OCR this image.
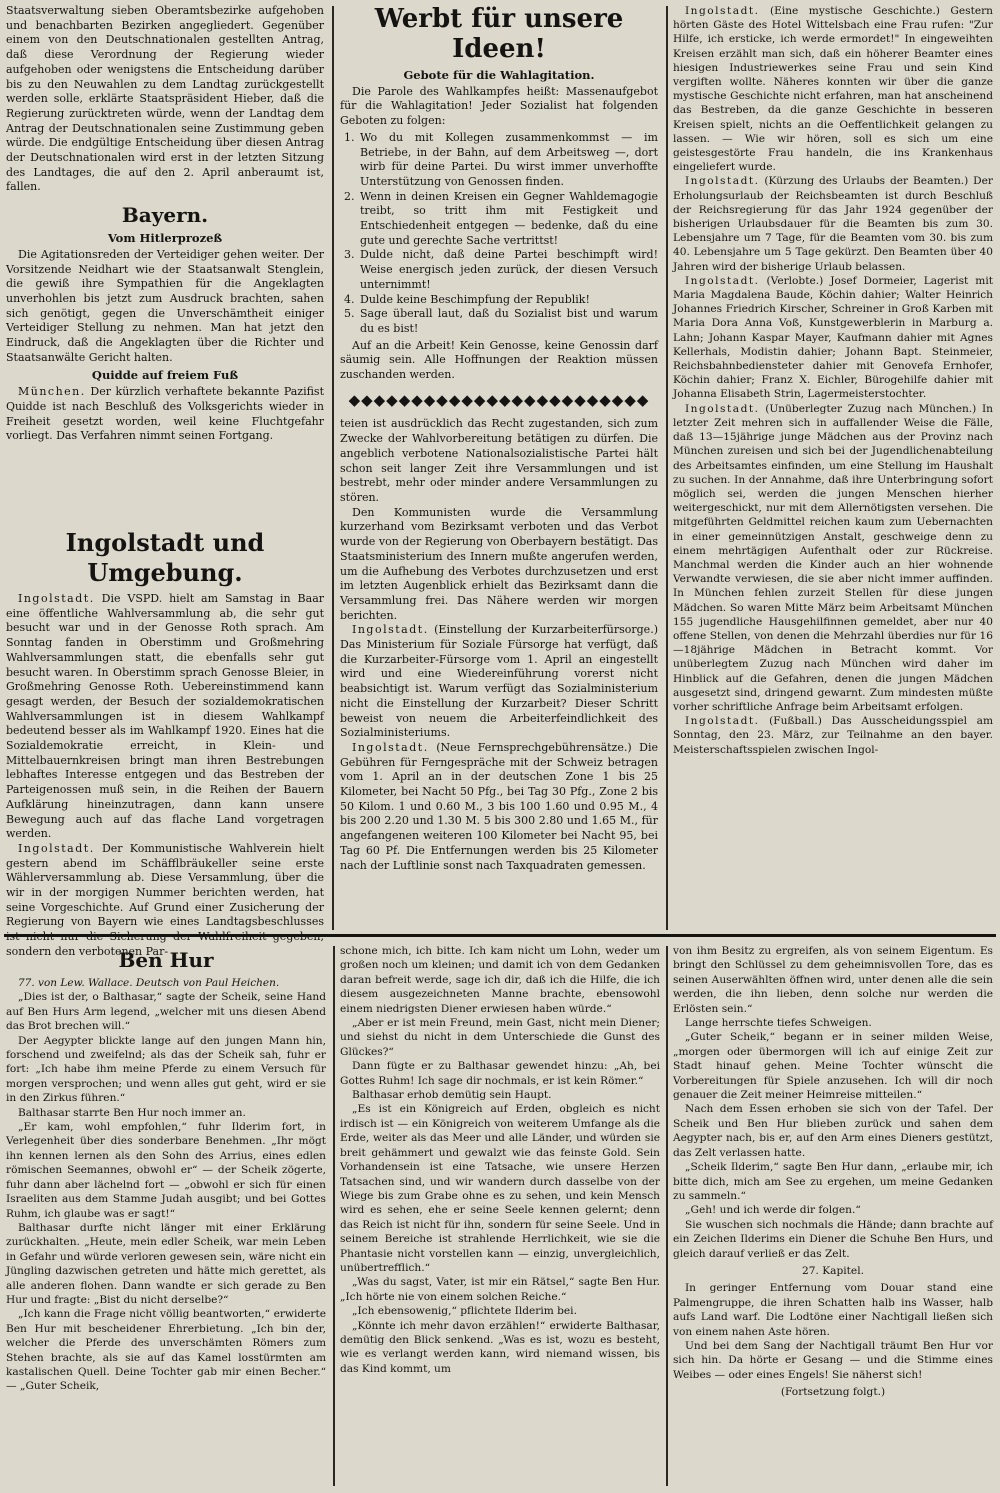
Staatsverwaltung sieben Oberamtsbezirke aufgehoben und benachbarten Bezirken angegliedert. Gegenüber einem von den Deutschnationalen gestellten Antrag, daß diese Verordnung der Regierung wieder aufgehoben oder wenigstens die Entscheidung darüber bis zu den Neuwahlen zu dem Landtag zurückgestellt werden solle, erklärte Staatspräsident Hieber, daß die Regierung zurücktreten würde, wenn der Landtag dem Antrag der Deutschnationalen seine Zustimmung geben würde. Die endgültige Entscheidung über diesen Antrag der Deutschnationalen wird erst in der letzten Sitzung des Landtages, die auf den 2. April anberaumt ist, fallen.

Bayern.
Vom Hitlerprozeß

Die Agitationsreden der Verteidiger gehen weiter. Der Vorsitzende Neidhart wie der Staatsanwalt Stenglein, die gewiß ihre Sympathien für die Angeklagten unverhohlen bis jetzt zum Ausdruck brachten, sahen sich genötigt, gegen die Unverschämtheit einiger Verteidiger Stellung zu nehmen. Man hat jetzt den Eindruck, daß die Angeklagten über die Richter und Staatsanwälte Gericht halten.

Quidde auf freiem Fuß

München. Der kürzlich verhaftete bekannte Pazifist Quidde ist nach Beschluß des Volksgerichts wieder in Freiheit gesetzt worden, weil keine Fluchtgefahr vorliegt. Das Verfahren nimmt seinen Fortgang.

Ingolstadt und Umgebung.

Ingolstadt. Die VSPD. hielt am Samstag in Baar eine öffentliche Wahlversammlung ab, die sehr gut besucht war und in der Genosse Roth sprach. Am Sonntag fanden in Oberstimm und Großmehring Wahlversammlungen statt, die ebenfalls sehr gut besucht waren. In Oberstimm sprach Genosse Bleier, in Großmehring Genosse Roth. Uebereinstimmend kann gesagt werden, der Besuch der sozialdemokratischen Wahlversammlungen ist in diesem Wahlkampf bedeutend besser als im Wahlkampf 1920. Eines hat die Sozialdemokratie erreicht, in Klein- und Mittelbauernkreisen bringt man ihren Bestrebungen lebhaftes Interesse entgegen und das Bestreben der Parteigenossen muß sein, in die Reihen der Bauern Aufklärung hineinzutragen, dann kann unsere Bewegung auch auf das flache Land vorgetragen werden.

Ingolstadt. Der Kommunistische Wahlverein hielt gestern abend im Schäfflbräukeller seine erste Wählerversammlung ab. Diese Versammlung, über die wir in der morgigen Nummer berichten werden, hat seine Vorgeschichte. Auf Grund einer Zusicherung der Regierung von Bayern wie eines Landtagsbeschlusses ist nicht nur die Sicherung der Wahlfreiheit gegeben, sondern den verbotenen Par-

Werbt für unsere Ideen!
Gebote für die Wahlagitation.

Die Parole des Wahlkampfes heißt: Massenaufgebot für die Wahlagitation! Jeder Sozialist hat folgenden Geboten zu folgen:

1. Wo du mit Kollegen zusammenkommst — im Betriebe, in der Bahn, auf dem Arbeitsweg —, dort wirb für deine Partei. Du wirst immer unverhoffte Unterstützung von Genossen finden.
2. Wenn in deinen Kreisen ein Gegner Wahldemagogie treibt, so tritt ihm mit Festigkeit und Entschiedenheit entgegen — bedenke, daß du eine gute und gerechte Sache vertrittst!
3. Dulde nicht, daß deine Partei beschimpft wird! Weise energisch jeden zurück, der diesen Versuch unternimmt!
4. Dulde keine Beschimpfung der Republik!
5. Sage überall laut, daß du Sozialist bist und warum du es bist!

Auf an die Arbeit! Kein Genosse, keine Genossin darf säumig sein. Alle Hoffnungen der Reaktion müssen zuschanden werden.

◆◆◆◆◆◆◆◆◆◆◆◆◆◆◆◆◆◆◆◆◆◆◆◆

teien ist ausdrücklich das Recht zugestanden, sich zum Zwecke der Wahlvorbereitung betätigen zu dürfen. Die angeblich verbotene Nationalsozialistische Partei hält schon seit langer Zeit ihre Versammlungen und ist bestrebt, mehr oder minder andere Versammlungen zu stören.

Den Kommunisten wurde die Versammlung kurzerhand vom Bezirksamt verboten und das Verbot wurde von der Regierung von Oberbayern bestätigt. Das Staatsministerium des Innern mußte angerufen werden, um die Aufhebung des Verbotes durchzusetzen und erst im letzten Augenblick erhielt das Bezirksamt dann die Versammlung frei. Das Nähere werden wir morgen berichten.

Ingolstadt. (Einstellung der Kurzarbeiterfürsorge.) Das Ministerium für Soziale Fürsorge hat verfügt, daß die Kurzarbeiter-Fürsorge vom 1. April an eingestellt wird und eine Wiedereinführung vorerst nicht beabsichtigt ist. Warum verfügt das Sozialministerium nicht die Einstellung der Kurzarbeit? Dieser Schritt beweist von neuem die Arbeiterfeindlichkeit des Sozialministeriums.

Ingolstadt. (Neue Fernsprechgebührensätze.) Die Gebühren für Ferngespräche mit der Schweiz betragen vom 1. April an in der deutschen Zone 1 bis 25 Kilometer, bei Nacht 50 Pfg., bei Tag 30 Pfg., Zone 2 bis 50 Kilom. 1 und 0.60 M., 3 bis 100 1.60 und 0.95 M., 4 bis 200 2.20 und 1.30 M. 5 bis 300 2.80 und 1.65 M., für angefangenen weiteren 100 Kilometer bei Nacht 95, bei Tag 60 Pf. Die Entfernungen werden bis 25 Kilometer nach der Luftlinie sonst nach Taxquadraten gemessen.

Ingolstadt. (Eine mystische Geschichte.) Gestern hörten Gäste des Hotel Wittelsbach eine Frau rufen: "Zur Hilfe, ich ersticke, ich werde ermordet!" In eingeweihten Kreisen erzählt man sich, daß ein höherer Beamter eines hiesigen Industriewerkes seine Frau und sein Kind vergiften wollte. Näheres konnten wir über die ganze mystische Geschichte nicht erfahren, man hat anscheinend das Bestreben, da die ganze Geschichte in besseren Kreisen spielt, nichts an die Oeffentlichkeit gelangen zu lassen. — Wie wir hören, soll es sich um eine geistesgestörte Frau handeln, die ins Krankenhaus eingeliefert wurde.

Ingolstadt. (Kürzung des Urlaubs der Beamten.) Der Erholungsurlaub der Reichsbeamten ist durch Beschluß der Reichsregierung für das Jahr 1924 gegenüber der bisherigen Urlaubsdauer für die Beamten bis zum 30. Lebensjahre um 7 Tage, für die Beamten vom 30. bis zum 40. Lebensjahre um 5 Tage gekürzt. Den Beamten über 40 Jahren wird der bisherige Urlaub belassen.

Ingolstadt. (Verlobte.) Josef Dormeier, Lagerist mit Maria Magdalena Baude, Köchin dahier; Walter Heinrich Johannes Friedrich Kirscher, Schreiner in Groß Karben mit Maria Dora Anna Voß, Kunstgewerblerin in Marburg a. Lahn; Johann Kaspar Mayer, Kaufmann dahier mit Agnes Kellerhals, Modistin dahier; Johann Bapt. Steinmeier, Reichsbahnbediensteter dahier mit Genovefa Ernhofer, Köchin dahier; Franz X. Eichler, Bürogehilfe dahier mit Johanna Elisabeth Strin, Lagermeisterstochter.

Ingolstadt. (Unüberlegter Zuzug nach München.) In letzter Zeit mehren sich in auffallender Weise die Fälle, daß 13—15jährige junge Mädchen aus der Provinz nach München zureisen und sich bei der Jugendlichenabteilung des Arbeitsamtes einfinden, um eine Stellung im Haushalt zu suchen. In der Annahme, daß ihre Unterbringung sofort möglich sei, werden die jungen Menschen hierher weitergeschickt, nur mit dem Allernötigsten versehen. Die mitgeführten Geldmittel reichen kaum zum Uebernachten in einer gemeinnützigen Anstalt, geschweige denn zu einem mehrtägigen Aufenthalt oder zur Rückreise. Manchmal werden die Kinder auch an hier wohnende Verwandte verwiesen, die sie aber nicht immer auffinden. In München fehlen zurzeit Stellen für diese jungen Mädchen. So waren Mitte März beim Arbeitsamt München 155 jugendliche Hausgehilfinnen gemeldet, aber nur 40 offene Stellen, von denen die Mehrzahl überdies nur für 16—18jährige Mädchen in Betracht kommt. Vor unüberlegtem Zuzug nach München wird daher im Hinblick auf die Gefahren, denen die jungen Mädchen ausgesetzt sind, dringend gewarnt. Zum mindesten müßte vorher schriftliche Anfrage beim Arbeitsamt erfolgen.

Ingolstadt. (Fußball.) Das Ausscheidungsspiel am Sonntag, den 23. März, zur Teilnahme an den bayer. Meisterschaftsspielen zwischen Ingol-

Ben Hur

77. von Lew. Wallace. Deutsch von Paul Heichen.

„Dies ist der, o Balthasar,“ sagte der Scheik, seine Hand auf Ben Hurs Arm legend, „welcher mit uns diesen Abend das Brot brechen will.“

Der Aegypter blickte lange auf den jungen Mann hin, forschend und zweifelnd; als das der Scheik sah, fuhr er fort: „Ich habe ihm meine Pferde zu einem Versuch für morgen versprochen; und wenn alles gut geht, wird er sie in den Zirkus führen.“

Balthasar starrte Ben Hur noch immer an.

„Er kam, wohl empfohlen,“ fuhr Ilderim fort, in Verlegenheit über dies sonderbare Benehmen. „Ihr mögt ihn kennen lernen als den Sohn des Arrius, eines edlen römischen Seemannes, obwohl er“ — der Scheik zögerte, fuhr dann aber lächelnd fort — „obwohl er sich für einen Israeliten aus dem Stamme Judah ausgibt; und bei Gottes Ruhm, ich glaube was er sagt!“

Balthasar durfte nicht länger mit einer Erklärung zurückhalten. „Heute, mein edler Scheik, war mein Leben in Gefahr und würde verloren gewesen sein, wäre nicht ein Jüngling dazwischen getreten und hätte mich gerettet, als alle anderen flohen. Dann wandte er sich gerade zu Ben Hur und fragte: „Bist du nicht derselbe?“

„Ich kann die Frage nicht völlig beantworten,“ erwiderte Ben Hur mit bescheidener Ehrerbietung. „Ich bin der, welcher die Pferde des unverschämten Römers zum Stehen brachte, als sie auf das Kamel losstürmten am kastalischen Quell. Deine Tochter gab mir einen Becher.“ — „Guter Scheik,

schone mich, ich bitte. Ich kam nicht um Lohn, weder um großen noch um kleinen; und damit ich von dem Gedanken daran befreit werde, sage ich dir, daß ich die Hilfe, die ich diesem ausgezeichneten Manne brachte, ebensowohl einem niedrigsten Diener erwiesen haben würde.“

„Aber er ist mein Freund, mein Gast, nicht mein Diener; und siehst du nicht in dem Unterschiede die Gunst des Glückes?“

Dann fügte er zu Balthasar gewendet hinzu: „Ah, bei Gottes Ruhm! Ich sage dir nochmals, er ist kein Römer.“

Balthasar erhob demütig sein Haupt.

„Es ist ein Königreich auf Erden, obgleich es nicht irdisch ist — ein Königreich von weiterem Umfange als die Erde, weiter als das Meer und alle Länder, und würden sie breit gehämmert und gewalzt wie das feinste Gold. Sein Vorhandensein ist eine Tatsache, wie unsere Herzen Tatsachen sind, und wir wandern durch dasselbe von der Wiege bis zum Grabe ohne es zu sehen, und kein Mensch wird es sehen, ehe er seine Seele kennen gelernt; denn das Reich ist nicht für ihn, sondern für seine Seele. Und in seinem Bereiche ist strahlende Herrlichkeit, wie sie die Phantasie nicht vorstellen kann — einzig, unvergleichlich, unübertrefflich.“

„Was du sagst, Vater, ist mir ein Rätsel,“ sagte Ben Hur. „Ich hörte nie von einem solchen Reiche.“

„Ich ebensowenig,“ pflichtete Ilderim bei.

„Könnte ich mehr davon erzählen!“ erwiderte Balthasar, demütig den Blick senkend. „Was es ist, wozu es besteht, wie es verlangt werden kann, wird niemand wissen, bis das Kind kommt, um

von ihm Besitz zu ergreifen, als von seinem Eigentum. Es bringt den Schlüssel zu dem geheimnisvollen Tore, das es seinen Auserwählten öffnen wird, unter denen alle die sein werden, die ihn lieben, denn solche nur werden die Erlösten sein.“

Lange herrschte tiefes Schweigen.

„Guter Scheik,“ begann er in seiner milden Weise, „morgen oder übermorgen will ich auf einige Zeit zur Stadt hinauf gehen. Meine Tochter wünscht die Vorbereitungen für Spiele anzusehen. Ich will dir noch genauer die Zeit meiner Heimreise mitteilen.“

Nach dem Essen erhoben sie sich von der Tafel. Der Scheik und Ben Hur blieben zurück und sahen dem Aegypter nach, bis er, auf den Arm eines Dieners gestützt, das Zelt verlassen hatte.

„Scheik Ilderim,“ sagte Ben Hur dann, „erlaube mir, ich bitte dich, mich am See zu ergehen, um meine Gedanken zu sammeln.“

„Geh! und ich werde dir folgen.“

Sie wuschen sich nochmals die Hände; dann brachte auf ein Zeichen Ilderims ein Diener die Schuhe Ben Hurs, und gleich darauf verließ er das Zelt.

27. Kapitel.

In geringer Entfernung vom Douar stand eine Palmengruppe, die ihren Schatten halb ins Wasser, halb aufs Land warf. Die Lodtöne einer Nachtigall ließen sich von einem nahen Aste hören.

Und bei dem Sang der Nachtigall träumt Ben Hur vor sich hin. Da hörte er Gesang — und die Stimme eines Weibes — oder eines Engels! Sie näherst sich!

(Fortsetzung folgt.)
